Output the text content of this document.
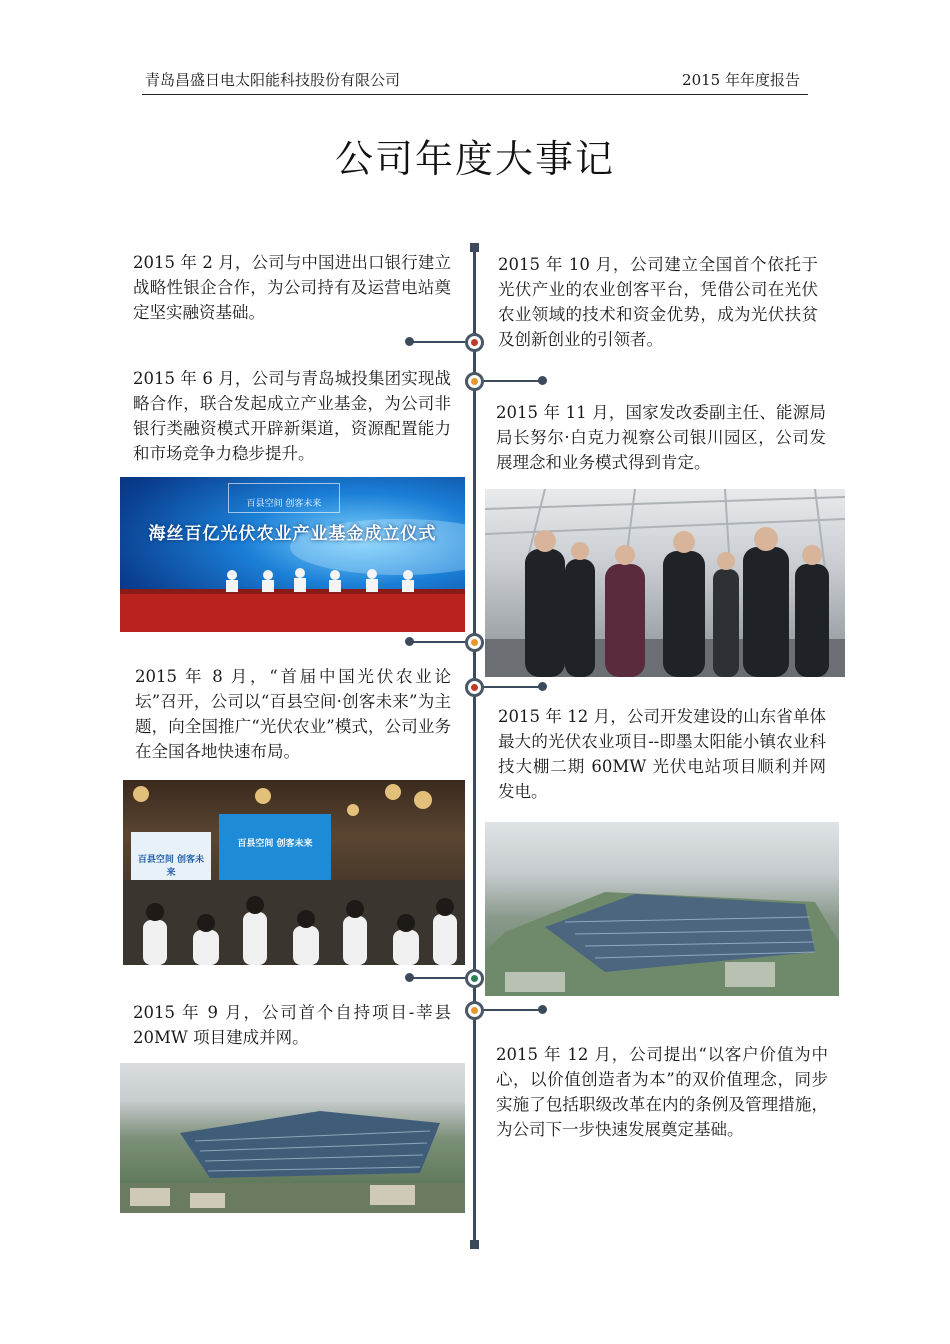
青岛昌盛日电太阳能科技股份有限公司	2015 年年度报告
公司年度大事记
2015 年 2 月，公司与中国进出口银行建立战略性银企合作，为公司持有及运营电站奠定坚实融资基础。
2015 年 6 月，公司与青岛城投集团实现战略合作，联合发起成立产业基金，为公司非银行类融资模式开辟新渠道，资源配置能力和市场竞争力稳步提升。
2015 年 8 月，“首届中国光伏农业论坛”召开，公司以“百县空间·创客未来”为主题，向全国推广“光伏农业”模式，公司业务在全国各地快速布局。
2015 年 9 月，公司首个自持项目-莘县20MW 项目建成并网。
2015 年 10 月，公司建立全国首个依托于光伏产业的农业创客平台，凭借公司在光伏农业领域的技术和资金优势，成为光伏扶贫及创新创业的引领者。
2015 年 11 月，国家发改委副主任、能源局局长努尔·白克力视察公司银川园区，公司发展理念和业务模式得到肯定。
2015 年 12 月，公司开发建设的山东省单体最大的光伏农业项目--即墨太阳能小镇农业科技大棚二期 60MW 光伏电站项目顺利并网发电。
2015 年 12 月，公司提出“以客户价值为中心，以价值创造者为本”的双价值理念，同步实施了包括职级改革在内的条例及管理措施，为公司下一步快速发展奠定基础。
百县空间 创客未来
海丝百亿光伏农业产业基金成立仪式
百县空间 创客未来
百县空间 创客未来
